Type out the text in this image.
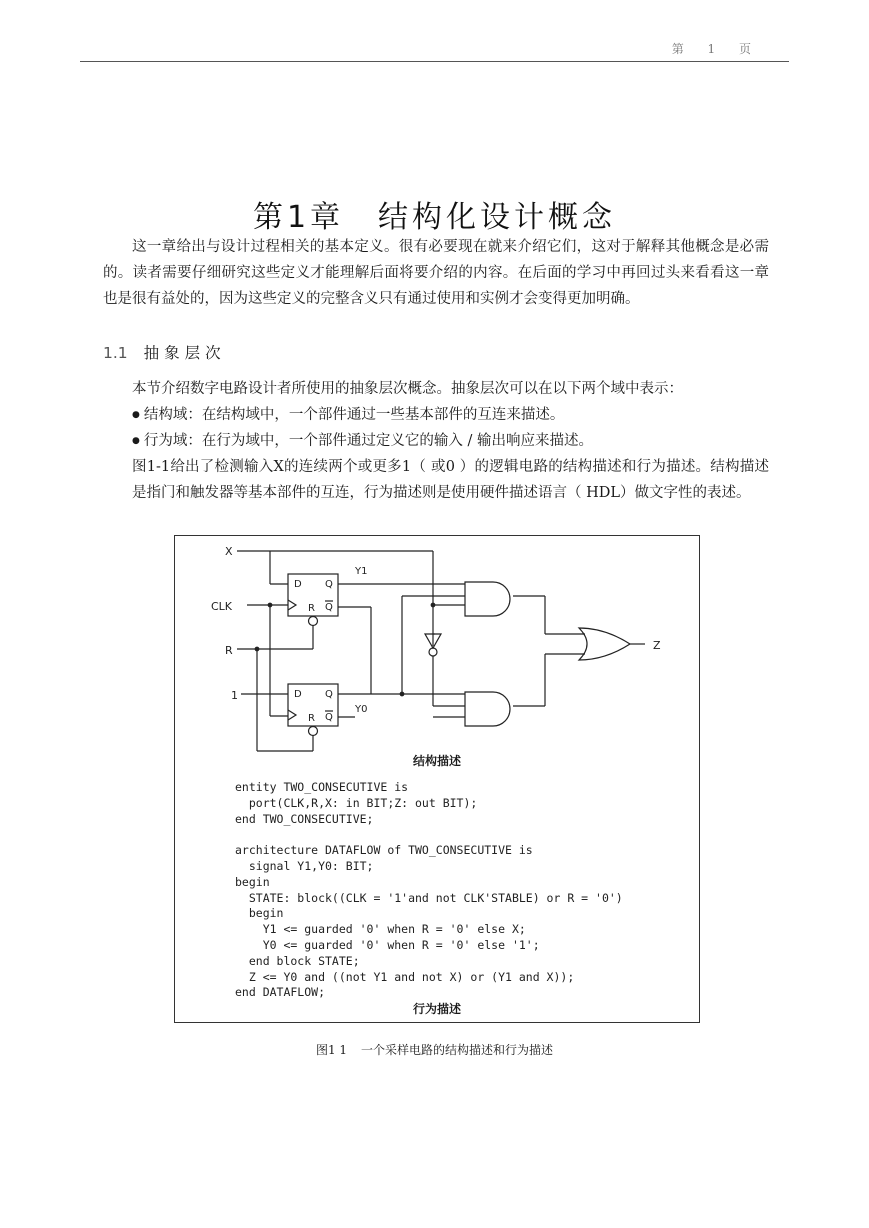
第 1 页
第1章 结构化设计概念

这一章给出与设计过程相关的基本定义。很有必要现在就来介绍它们，这对于解释其他概念是必需的。读者需要仔细研究这些定义才能理解后面将要介绍的内容。在后面的学习中再回过头来看看这一章也是很有益处的，因为这些定义的完整含义只有通过使用和实例才会变得更加明确。

1.1 抽象层次
本节介绍数字电路设计者所使用的抽象层次概念。抽象层次可以在以下两个域中表示：
● 结构域：在结构域中，一个部件通过一些基本部件的互连来描述。
● 行为域：在行为域中，一个部件通过定义它的输入 / 输出响应来描述。
图1-1给出了检测输入X的连续两个或更多1（ 或0 ）的逻辑电路的结构描述和行为描述。结构描述是指门和触发器等基本部件的互连，行为描述则是使用硬件描述语言（ HDL）做文字性的表述。
X
CLK
R
1
Y1
Y0
Z
D Q
Q
R
D Q
Q
R
结构描述
entity TWO_CONSECUTIVE is
port(CLK,R,X: in BIT;Z: out BIT);
end TWO_CONSECUTIVE;
architecture DATAFLOW of TWO_CONSECUTIVE is
signal Y1,Y0: BIT;
begin
STATE: block((CLK = '1'and not CLK'STABLE) or R = '0')
begin
Y1 <= guarded '0' when R = '0' else X;
Y0 <= guarded '0' when R = '0' else '1';
end block STATE;
Z <= Y0 and ((not Y1 and not X) or (Y1 and X));
end DATAFLOW;
行为描述
图1 1 一个采样电路的结构描述和行为描述
